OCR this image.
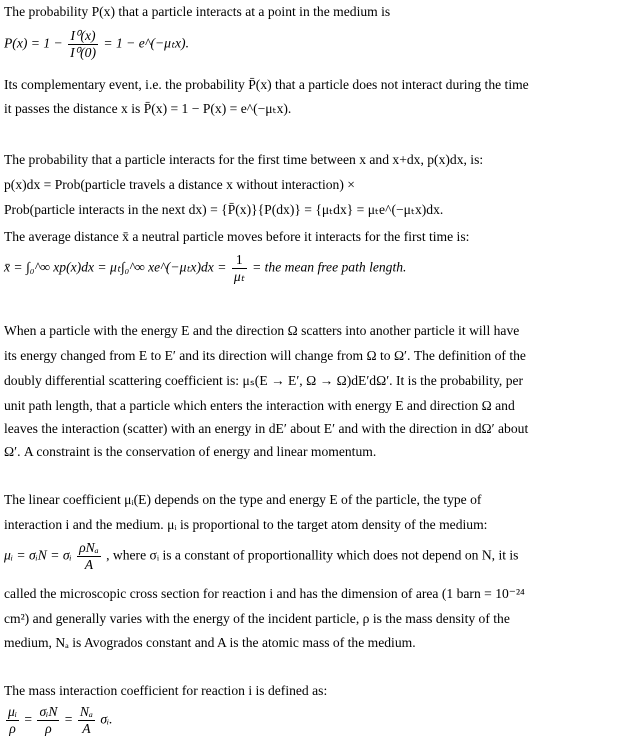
The probability P(x) that a particle interacts at a point in the medium is
$P(x) = 1 - \frac{\text{I⁰(x)}}{\text{I⁰(0)}} = 1$ − e^(−μₜx).
Its complementary event, i.e. the probability P̄(x) that a particle does not interact during the time
it passes the distance x is P̄(x) = 1 − P(x) = e^(−μₜx).
The probability that a particle interacts for the first time between x and x+dx, p(x)dx, is:
p(x)dx = Prob(particle travels a distance x without interaction) ×
Prob(particle interacts in the next dx) = {P̄(x)}{P(dx)} = {μₜdx} = μₜe^(−μₜx)dx.
The average distance x̄ a neutral particle moves before it interacts for the first time is:
x̄ = ∫₀^∞ xp(x)dx = μₜ∫₀^∞ xe^(−μₜx)dx = $\frac{1}{\text{μₜ}}$ = the mean free path length.
When a particle with the energy E and the direction Ω scatters into another particle it will have
its energy changed from E to E′ and its direction will change from Ω to Ω′. The definition of the
doubly differential scattering coefficient is: μₛ(E → E′, Ω → Ω)dE′dΩ′. It is the probability, per
unit path length, that a particle which enters the interaction with energy E and direction Ω and
leaves the interaction (scatter) with an energy in dE′ about E′ and with the direction in dΩ′ about
Ω′. A constraint is the conservation of energy and linear momentum.
The linear coefficient μᵢ(E) depends on the type and energy E of the particle, the type of
interaction i and the medium. μᵢ is proportional to the target atom density of the medium:
μᵢ = σᵢN = σᵢ $\frac{\text{ρNₐ}}{A}$ , where σᵢ is a constant of proportionallity which does not depend on N, it is
called the microscopic cross section for reaction i and has the dimension of area (1 barn = 10⁻²⁴
cm²) and generally varies with the energy of the incident particle, ρ is the mass density of the
medium, Nₐ is Avogrados constant and A is the atomic mass of the medium.
The mass interaction coefficient for reaction i is defined as:
$\frac{\text{μᵢ}}{\rho} = \frac{\text{σᵢN}}{\rho} = \frac{\text{Nₐ}}{A}$ σᵢ.
